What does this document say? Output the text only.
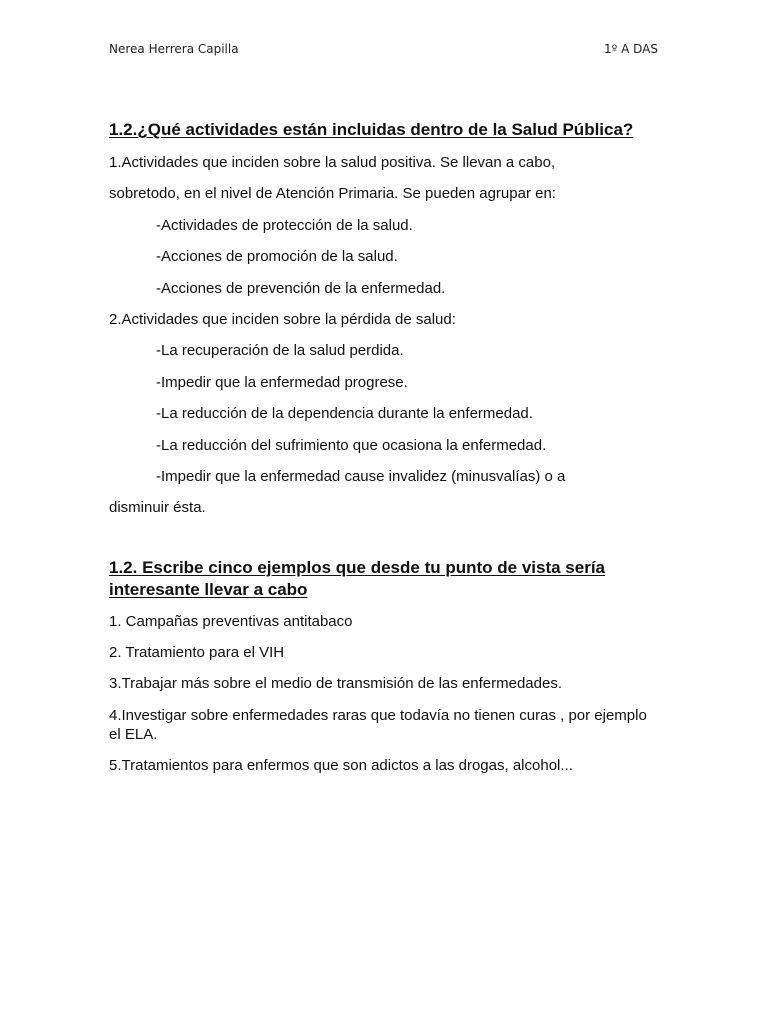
Nerea Herrera Capilla	1º A DAS
1.2.¿Qué actividades están incluidas dentro de la Salud Pública?

1.Actividades que inciden sobre la salud positiva. Se llevan a cabo,

sobretodo, en el nivel de Atención Primaria. Se pueden agrupar en:

-Actividades de protección de la salud.

-Acciones de promoción de la salud.

-Acciones de prevención de la enfermedad.

2.Actividades que inciden sobre la pérdida de salud:

-La recuperación de la salud perdida.

-Impedir que la enfermedad progrese.

-La reducción de la dependencia durante la enfermedad.

-La reducción del sufrimiento que ocasiona la enfermedad.

-Impedir que la enfermedad cause invalidez (minusvalías) o a

disminuir ésta.

1.2. Escribe cinco ejemplos que desde tu punto de vista sería interesante llevar a cabo

1. Campañas preventivas antitabaco

2. Tratamiento para el VIH

3.Trabajar más sobre el medio de transmisión de las enfermedades.

4.Investigar sobre enfermedades raras que todavía no tienen curas , por ejemplo el ELA.

5.Tratamientos para enfermos que son adictos a las drogas, alcohol...
